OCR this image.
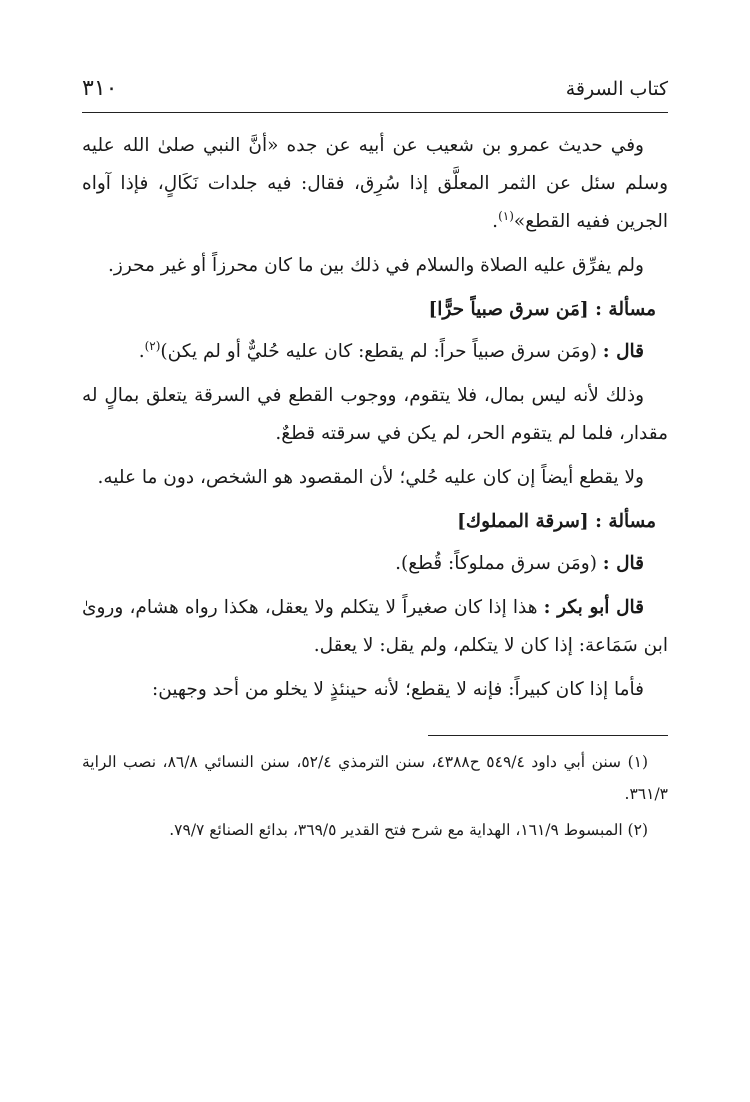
كتاب السرقة
٣١٠

وفي حديث عمرو بن شعيب عن أبيه عن جده «أنَّ النبي صلىٰ الله عليه وسلم سئل عن الثمر المعلَّق إذا سُرِق، فقال: فيه جلدات نَكَالٍ، فإذا آواه الجرين ففيه القطع»$^{(١)}$.

ولم يفرِّق عليه الصلاة والسلام في ذلك بين ما كان محرزاً أو غير محرز.

مسألة : [مَن سرق صبياً حرًّا]

قال : (ومَن سرق صبياً حراً: لم يقطع: كان عليه حُليٌّ أو لم يكن)$^{(٢)}$.

وذلك لأنه ليس بمال، فلا يتقوم، ووجوب القطع في السرقة يتعلق بمالٍ له مقدار، فلما لم يتقوم الحر، لم يكن في سرقته قطعٌ.

ولا يقطع أيضاً إن كان عليه حُلي؛ لأن المقصود هو الشخص، دون ما عليه.

مسألة : [سرقة المملوك]

قال : (ومَن سرق مملوكاً: قُطع).

قال أبو بكر : هذا إذا كان صغيراً لا يتكلم ولا يعقل، هكذا رواه هشام، وروىٰ ابن سَمَاعة: إذا كان لا يتكلم، ولم يقل: لا يعقل.

فأما إذا كان كبيراً: فإنه لا يقطع؛ لأنه حينئذٍ لا يخلو من أحد وجهين:

(١) سنن أبي داود ٥٤٩/٤ ح٤٣٨٨، سنن الترمذي ٥٢/٤، سنن النسائي ٨٦/٨، نصب الراية ٣٦١/٣.

(٢) المبسوط ١٦١/٩، الهداية مع شرح فتح القدير ٣٦٩/٥، بدائع الصنائع ٧٩/٧.
